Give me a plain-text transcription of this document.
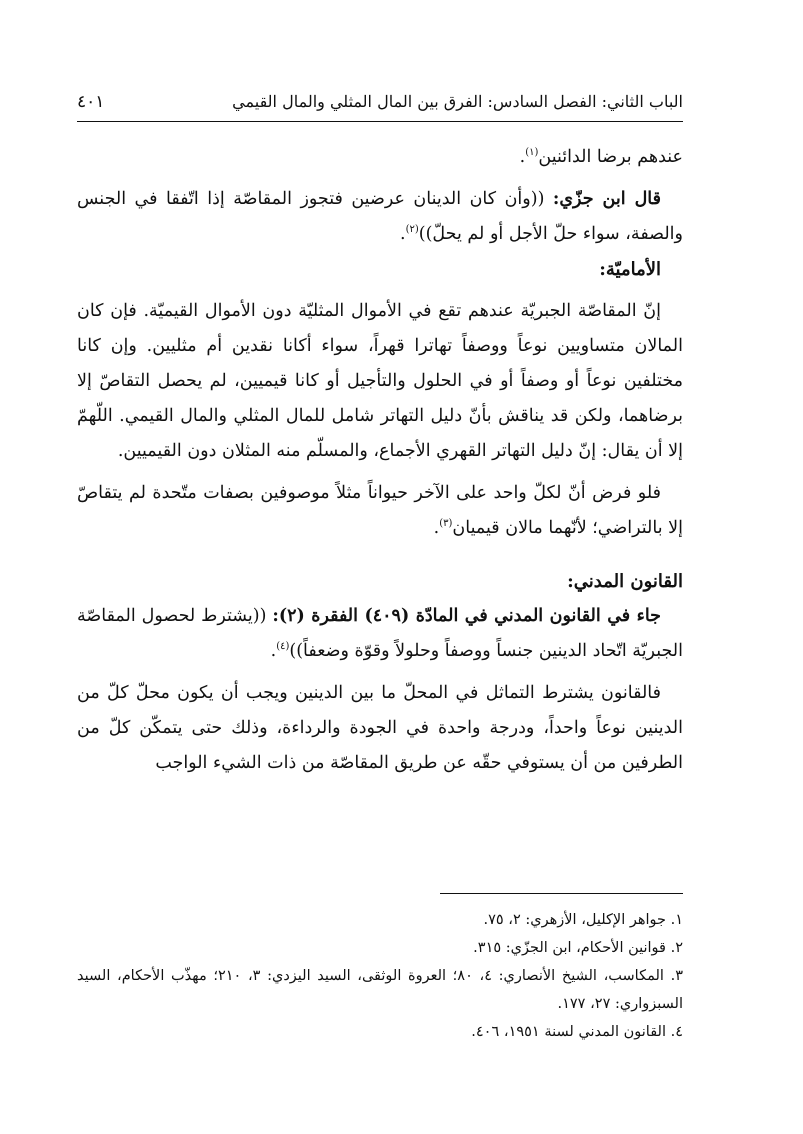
الباب الثاني: الفصل السادس: الفرق بين المال المثلي والمال القيمي
٤٠١

عندهم برضا الدائنين$^{(١)}$.

قال ابن جزّي: ((وأن كان الدينان عرضين فتجوز المقاصّة إذا اتّفقا في الجنس والصفة، سواء حلّ الأجل أو لم يحلّ))$^{(٢)}$.

الأماميّة:

إنّ المقاصّة الجبريّة عندهم تقع في الأموال المثليّة دون الأموال القيميّة. فإن كان المالان متساويين نوعاً ووصفاً تهاترا قهراً، سواء أكانا نقدين أم مثليين. وإن كانا مختلفين نوعاً أو وصفاً أو في الحلول والتأجيل أو كانا قيميين، لم يحصل التقاصّ إلا برضاهما، ولكن قد يناقش بأنّ دليل التهاتر شامل للمال المثلي والمال القيمي. اللّهمّ إلا أن يقال: إنّ دليل التهاتر القهري الأجماع، والمسلّم منه المثلان دون القيميين.

فلو فرض أنّ لكلّ واحد على الآخر حيواناً مثلاً موصوفين بصفات متّحدة لم يتقاصّ إلا بالتراضي؛ لأنّهما مالان قيميان$^{(٣)}$.

القانون المدني:

جاء في القانون المدني في المادّة (٤٠٩) الفقرة (٢): ((يشترط لحصول المقاصّة الجبريّة اتّحاد الدينين جنساً ووصفاً وحلولاً وقوّة وضعفاً))$^{(٤)}$.

فالقانون يشترط التماثل في المحلّ ما بين الدينين ويجب أن يكون محلّ كلّ من الدينين نوعاً واحداً، ودرجة واحدة في الجودة والرداءة، وذلك حتى يتمكّن كلّ من الطرفين من أن يستوفي حقّه عن طريق المقاصّة من ذات الشيء الواجب

١. جواهر الإكليل، الأزهري: ٢، ٧٥.
٢. قوانين الأحكام، ابن الجزّي: ٣١٥.
٣. المكاسب، الشيخ الأنصاري: ٤، ٨٠؛ العروة الوثقى، السيد اليزدي: ٣، ٢١٠؛ مهذّب الأحكام، السيد السبزواري: ٢٧، ١٧٧.
٤. القانون المدني لسنة ١٩٥١، ٤٠٦.
